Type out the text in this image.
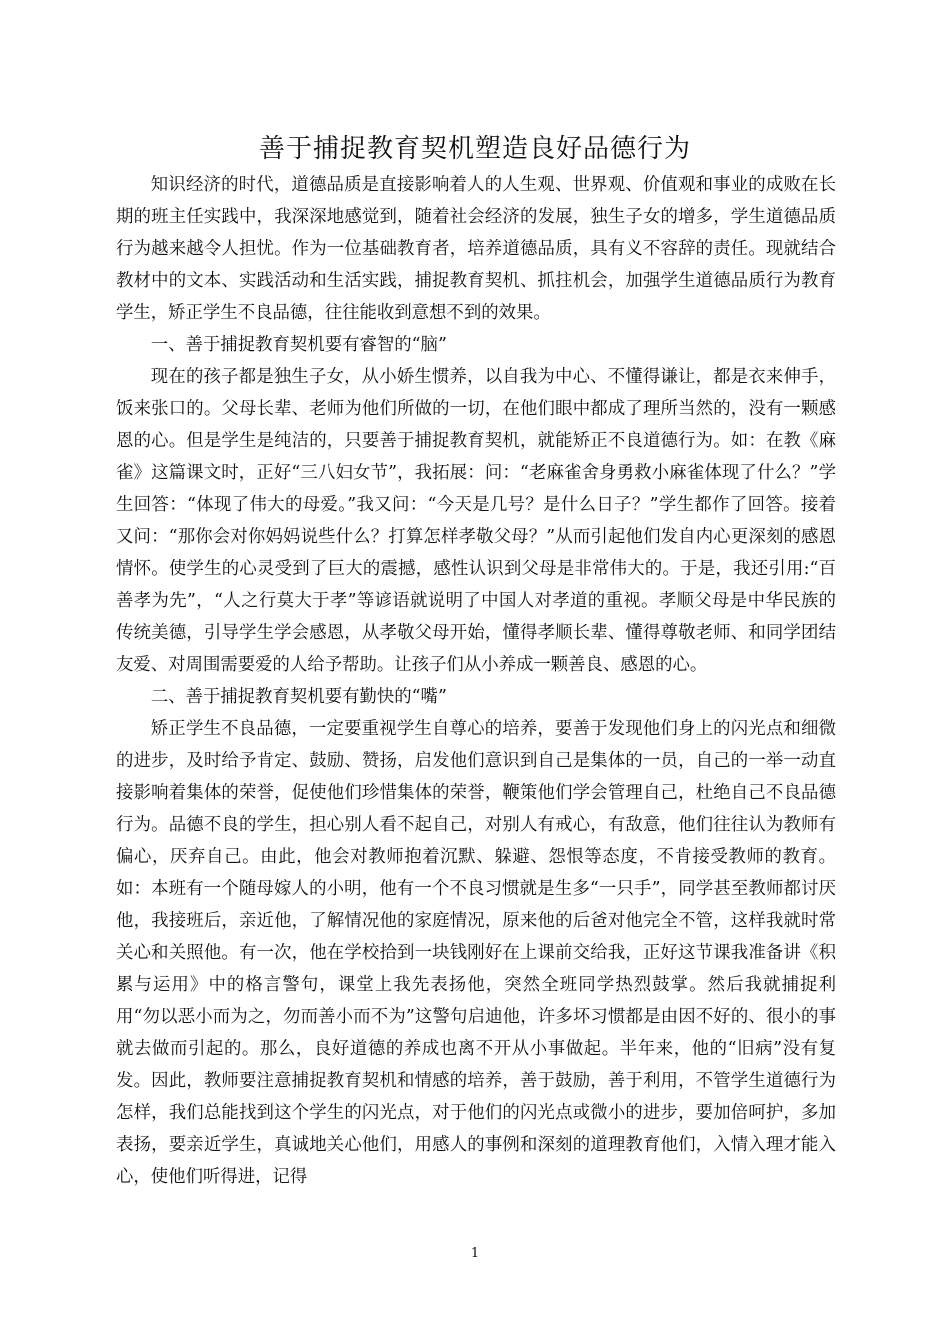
善于捕捉教育契机塑造良好品德行为

知识经济的时代，道德品质是直接影响着人的人生观、世界观、价值观和事业的成败在长期的班主任实践中，我深深地感觉到，随着社会经济的发展，独生子女的增多，学生道德品质行为越来越令人担忧。作为一位基础教育者，培养道德品质，具有义不容辞的责任。现就结合教材中的文本、实践活动和生活实践，捕捉教育契机、抓拄机会，加强学生道德品质行为教育学生，矫正学生不良品德，往往能收到意想不到的效果。

一、善于捕捉教育契机要有睿智的“脑”

现在的孩子都是独生子女，从小娇生惯养，以自我为中心、不懂得谦让，都是衣来伸手，饭来张口的。父母长辈、老师为他们所做的一切，在他们眼中都成了理所当然的，没有一颗感恩的心。但是学生是纯洁的，只要善于捕捉教育契机，就能矫正不良道德行为。如：在教《麻雀》这篇课文时，正好“三八妇女节”，我拓展：问：“老麻雀舍身勇救小麻雀体现了什么？”学生回答：“体现了伟大的母爱。”我又问：“今天是几号？是什么日子？”学生都作了回答。接着又问：“那你会对你妈妈说些什么？打算怎样孝敬父母？”从而引起他们发自内心更深刻的感恩情怀。使学生的心灵受到了巨大的震撼，感性认识到父母是非常伟大的。于是，我还引用:“百善孝为先”，“人之行莫大于孝”等谚语就说明了中国人对孝道的重视。孝顺父母是中华民族的传统美德，引导学生学会感恩，从孝敬父母开始，懂得孝顺长辈、懂得尊敬老师、和同学团结友爱、对周围需要爱的人给予帮助。让孩子们从小养成一颗善良、感恩的心。

二、善于捕捉教育契机要有勤快的“嘴”

矫正学生不良品德，一定要重视学生自尊心的培养，要善于发现他们身上的闪光点和细微的进步，及时给予肯定、鼓励、赞扬，启发他们意识到自己是集体的一员，自己的一举一动直接影响着集体的荣誉，促使他们珍惜集体的荣誉，鞭策他们学会管理自己，杜绝自己不良品德行为。品德不良的学生，担心别人看不起自己，对别人有戒心，有敌意，他们往往认为教师有偏心，厌弃自己。由此，他会对教师抱着沉默、躲避、怨恨等态度，不肯接受教师的教育。如：本班有一个随母嫁人的小明，他有一个不良习惯就是生多“一只手”，同学甚至教师都讨厌他，我接班后，亲近他，了解情况他的家庭情况，原来他的后爸对他完全不管，这样我就时常关心和关照他。有一次，他在学校拾到一块钱刚好在上课前交给我，正好这节课我准备讲《积累与运用》中的格言警句，课堂上我先表扬他，突然全班同学热烈鼓掌。然后我就捕捉利用“勿以恶小而为之，勿而善小而不为”这警句启迪他，许多坏习惯都是由因不好的、很小的事就去做而引起的。那么，良好道德的养成也离不开从小事做起。半年来，他的“旧病”没有复发。因此，教师要注意捕捉教育契机和情感的培养，善于鼓励，善于利用，不管学生道德行为怎样，我们总能找到这个学生的闪光点，对于他们的闪光点或微小的进步，要加倍呵护，多加表扬，要亲近学生，真诚地关心他们，用感人的事例和深刻的道理教育他们，入情入理才能入心，使他们听得进，记得

1
